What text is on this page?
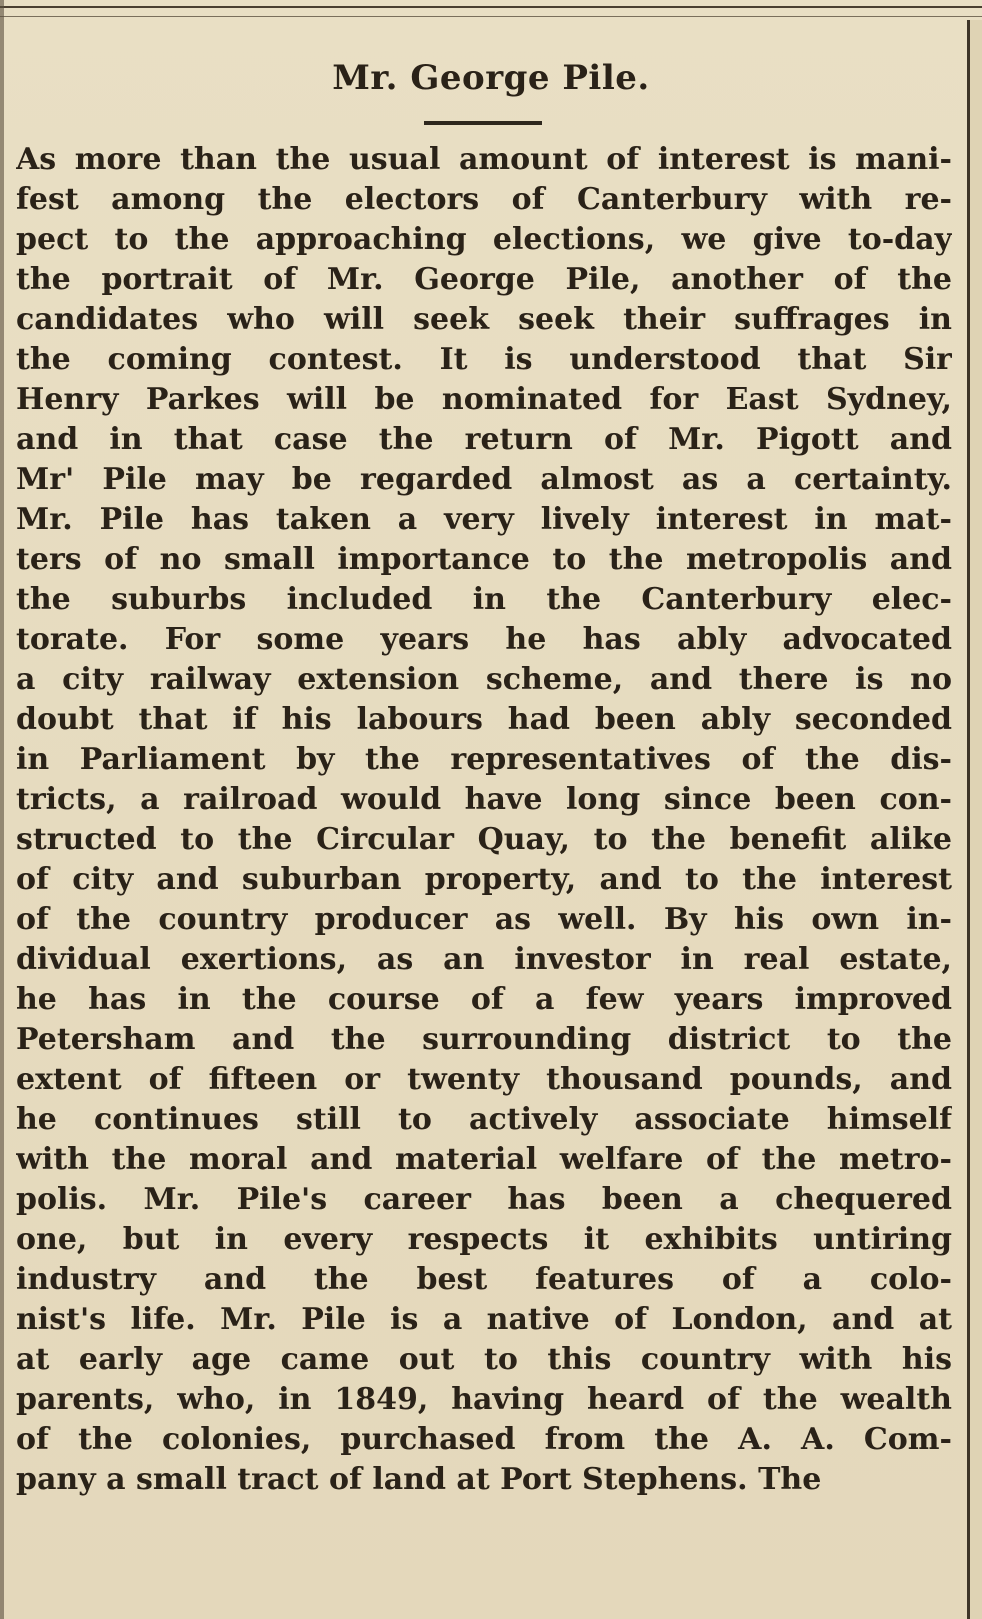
Mr. George Pile.
As more than the usual amount of interest is mani-
fest among the electors of Canterbury with re-
pect to the approaching elections, we give to-day
the portrait of Mr. George Pile, another of the
candidates who will seek seek their suffrages in
the coming contest. It is understood that Sir
Henry Parkes will be nominated for East Sydney,
and in that case the return of Mr. Pigott and
Mr' Pile may be regarded almost as a certainty.
Mr. Pile has taken a very lively interest in mat-
ters of no small importance to the metropolis and
the suburbs included in the Canterbury elec-
torate. For some years he has ably advocated
a city railway extension scheme, and there is no
doubt that if his labours had been ably seconded
in Parliament by the representatives of the dis-
tricts, a railroad would have long since been con-
structed to the Circular Quay, to the benefit alike
of city and suburban property, and to the interest
of the country producer as well. By his own in-
dividual exertions, as an investor in real estate,
he has in the course of a few years improved
Petersham and the surrounding district to the
extent of fifteen or twenty thousand pounds, and
he continues still to actively associate himself
with the moral and material welfare of the metro-
polis. Mr. Pile's career has been a chequered
one, but in every respects it exhibits untiring
industry and the best features of a colo-
nist's life. Mr. Pile is a native of London, and at
at early age came out to this country with his
parents, who, in 1849, having heard of the wealth
of the colonies, purchased from the A. A. Com-
pany a small tract of land at Port Stephens. The
